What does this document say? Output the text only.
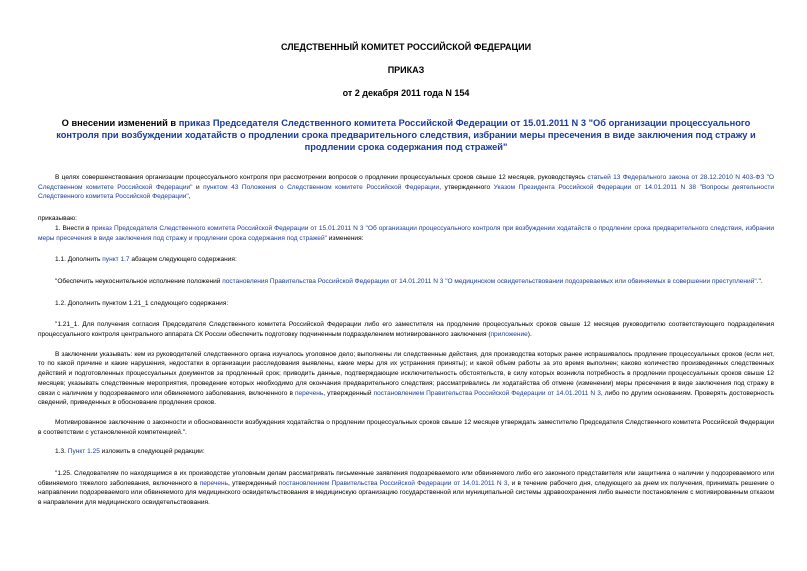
СЛЕДСТВЕННЫЙ КОМИТЕТ РОССИЙСКОЙ ФЕДЕРАЦИИ
ПРИКАЗ
от 2 декабря 2011 года N 154
О внесении изменений в приказ Председателя Следственного комитета Российской Федерации от 15.01.2011 N 3 "Об организации процессуального контроля при возбуждении ходатайств о продлении срока предварительного следствия, избрании меры пресечения в виде заключения под стражу и продлении срока содержания под стражей"

В целях совершенствования организации процессуального контроля при рассмотрении вопросов о продлении процессуальных сроков свыше 12 месяцев, руководствуясь статьей 13 Федерального закона от 28.12.2010 N 403-ФЗ "О Следственном комитете Российской Федерации" и пунктом 43 Положения о Следственном комитете Российской Федерации, утвержденного Указом Президента Российской Федерации от 14.01.2011 N 38 "Вопросы деятельности Следственного комитета Российской Федерации",

приказываю:

1. Внести в приказ Председателя Следственного комитета Российской Федерации от 15.01.2011 N 3 "Об организации процессуального контроля при возбуждении ходатайств о продлении срока предварительного следствия, избрании меры пресечения в виде заключения под стражу и продлении срока содержания под стражей" изменения:

1.1. Дополнить пункт 1.7 абзацем следующего содержания:

"Обеспечить неукоснительное исполнение положений постановления Правительства Российской Федерации от 14.01.2011 N 3 "О медицинском освидетельствовании подозреваемых или обвиняемых в совершении преступлений".".

1.2. Дополнить пунктом 1.21_1 следующего содержания:

"1.21_1. Для получения согласия Председателя Следственного комитета Российской Федерации либо его заместителя на продление процессуальных сроков свыше 12 месяцев руководителю соответствующего подразделения процессуального контроля центрального аппарата СК России обеспечить подготовку подчиненным подразделением мотивированного заключения (приложение).

В заключении указывать: кем из руководителей следственного органа изучалось уголовное дело; выполнены ли следственные действия, для производства которых ранее испрашивалось продление процессуальных сроков (если нет, то по какой причине и какие нарушения, недостатки в организации расследования выявлены, какие меры для их устранения приняты); и какой объем работы за это время выполнен; каково количество произведенных следственных действий и подготовленных процессуальных документов за продленный срок; приводить данные, подтверждающие исключительность обстоятельств, в силу которых возникла потребность в продлении процессуальных сроков свыше 12 месяцев; указывать следственные мероприятия, проведение которых необходимо для окончания предварительного следствия; рассматривались ли ходатайства об отмене (изменении) меры пресечения в виде заключения под стражу в связи с наличием у подозреваемого или обвиняемого заболевания, включенного в перечень, утвержденный постановлением Правительства Российской Федерации от 14.01.2011 N 3, либо по другим основаниям. Проверять достоверность сведений, приведенных в обоснование продления сроков.

Мотивированное заключение о законности и обоснованности возбуждения ходатайства о продлении процессуальных сроков свыше 12 месяцев утверждать заместителю Председателя Следственного комитета Российской Федерации в соответствии с установленной компетенцией.".

1.3. Пункт 1.25 изложить в следующей редакции:

"1.25. Следователям по находящимся в их производстве уголовным делам рассматривать письменные заявления подозреваемого или обвиняемого либо его законного представителя или защитника о наличии у подозреваемого или обвиняемого тяжелого заболевания, включенного в перечень, утвержденный постановлением Правительства Российской Федерации от 14.01.2011 N 3, и в течение рабочего дня, следующего за днем их получения, принимать решение о направлении подозреваемого или обвиняемого для медицинского освидетельствования в медицинскую организацию государственной или муниципальной системы здравоохранения либо вынести постановление с мотивированным отказом в направлении для медицинского освидетельствования.
